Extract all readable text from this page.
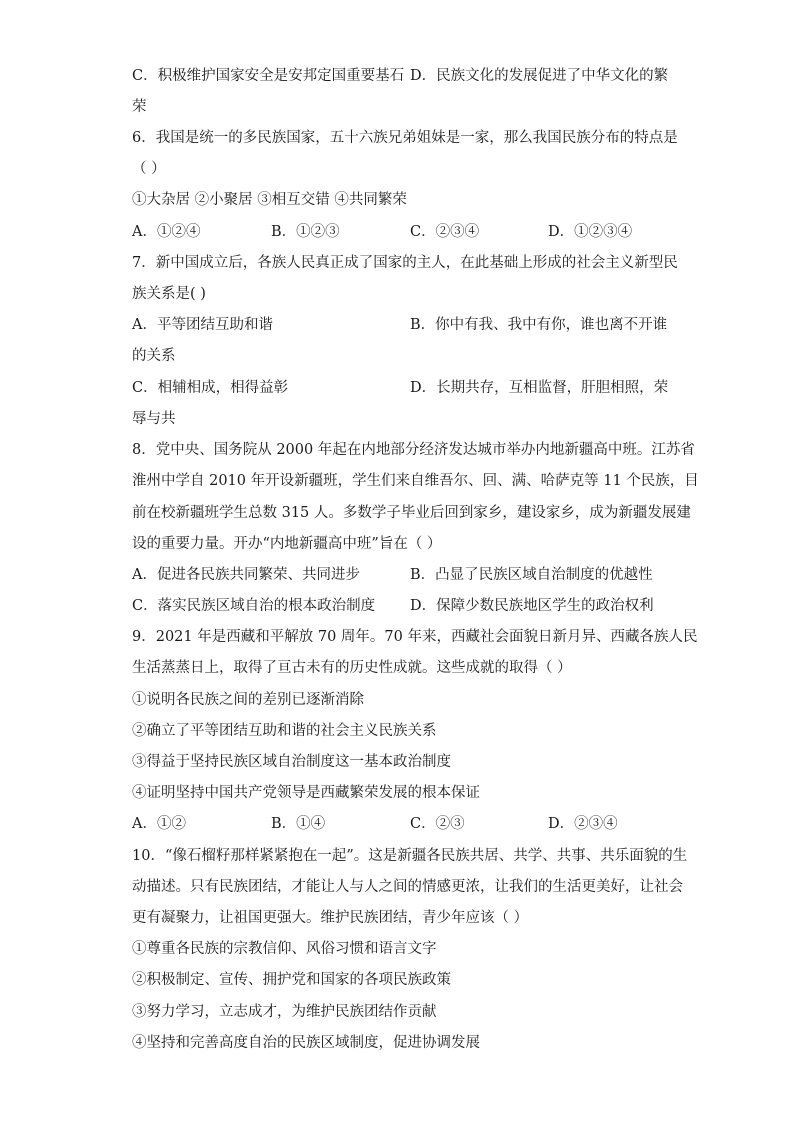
C．积极维护国家安全是安邦定国重要基石 D．民族文化的发展促进了中华文化的繁
荣
6．我国是统一的多民族国家，五十六族兄弟姐妹是一家，那么我国民族分布的特点是
（ ）
①大杂居 ②小聚居 ③相互交错 ④共同繁荣
A．①②④	B．①②③	C．②③④	D．①②③④
7．新中国成立后，各族人民真正成了国家的主人，在此基础上形成的社会主义新型民
族关系是( )
A．平等团结互助和谐	B．你中有我、我中有你，谁也离不开谁
的关系
C．相辅相成，相得益彰	D．长期共存，互相监督，肝胆相照，荣
辱与共
8．党中央、国务院从 2000 年起在内地部分经济发达城市举办内地新疆高中班。江苏省
淮州中学自 2010 年开设新疆班，学生们来自维吾尔、回、满、哈萨克等 11 个民族，目
前在校新疆班学生总数 315 人。多数学子毕业后回到家乡，建设家乡，成为新疆发展建
设的重要力量。开办“内地新疆高中班”旨在（ ）
A．促进各民族共同繁荣、共同进步	B．凸显了民族区域自治制度的优越性
C．落实民族区域自治的根本政治制度 D．保障少数民族地区学生的政治权利
9．2021 年是西藏和平解放 70 周年。70 年来，西藏社会面貌日新月异、西藏各族人民
生活蒸蒸日上，取得了亘古未有的历史性成就。这些成就的取得（ ）
①说明各民族之间的差别已逐渐消除
②确立了平等团结互助和谐的社会主义民族关系
③得益于坚持民族区域自治制度这一基本政治制度
④证明坚持中国共产党领导是西藏繁荣发展的根本保证
A．①②	B．①④	C．②③	D．②③④
10．“像石榴籽那样紧紧抱在一起”。这是新疆各民族共居、共学、共事、共乐面貌的生
动描述。只有民族团结，才能让人与人之间的情感更浓，让我们的生活更美好，让社会
更有凝聚力，让祖国更强大。维护民族团结，青少年应该（ ）
①尊重各民族的宗教信仰、风俗习惯和语言文字
②积极制定、宣传、拥护党和国家的各项民族政策
③努力学习，立志成才，为维护民族团结作贡献
④坚持和完善高度自治的民族区域制度，促进协调发展
